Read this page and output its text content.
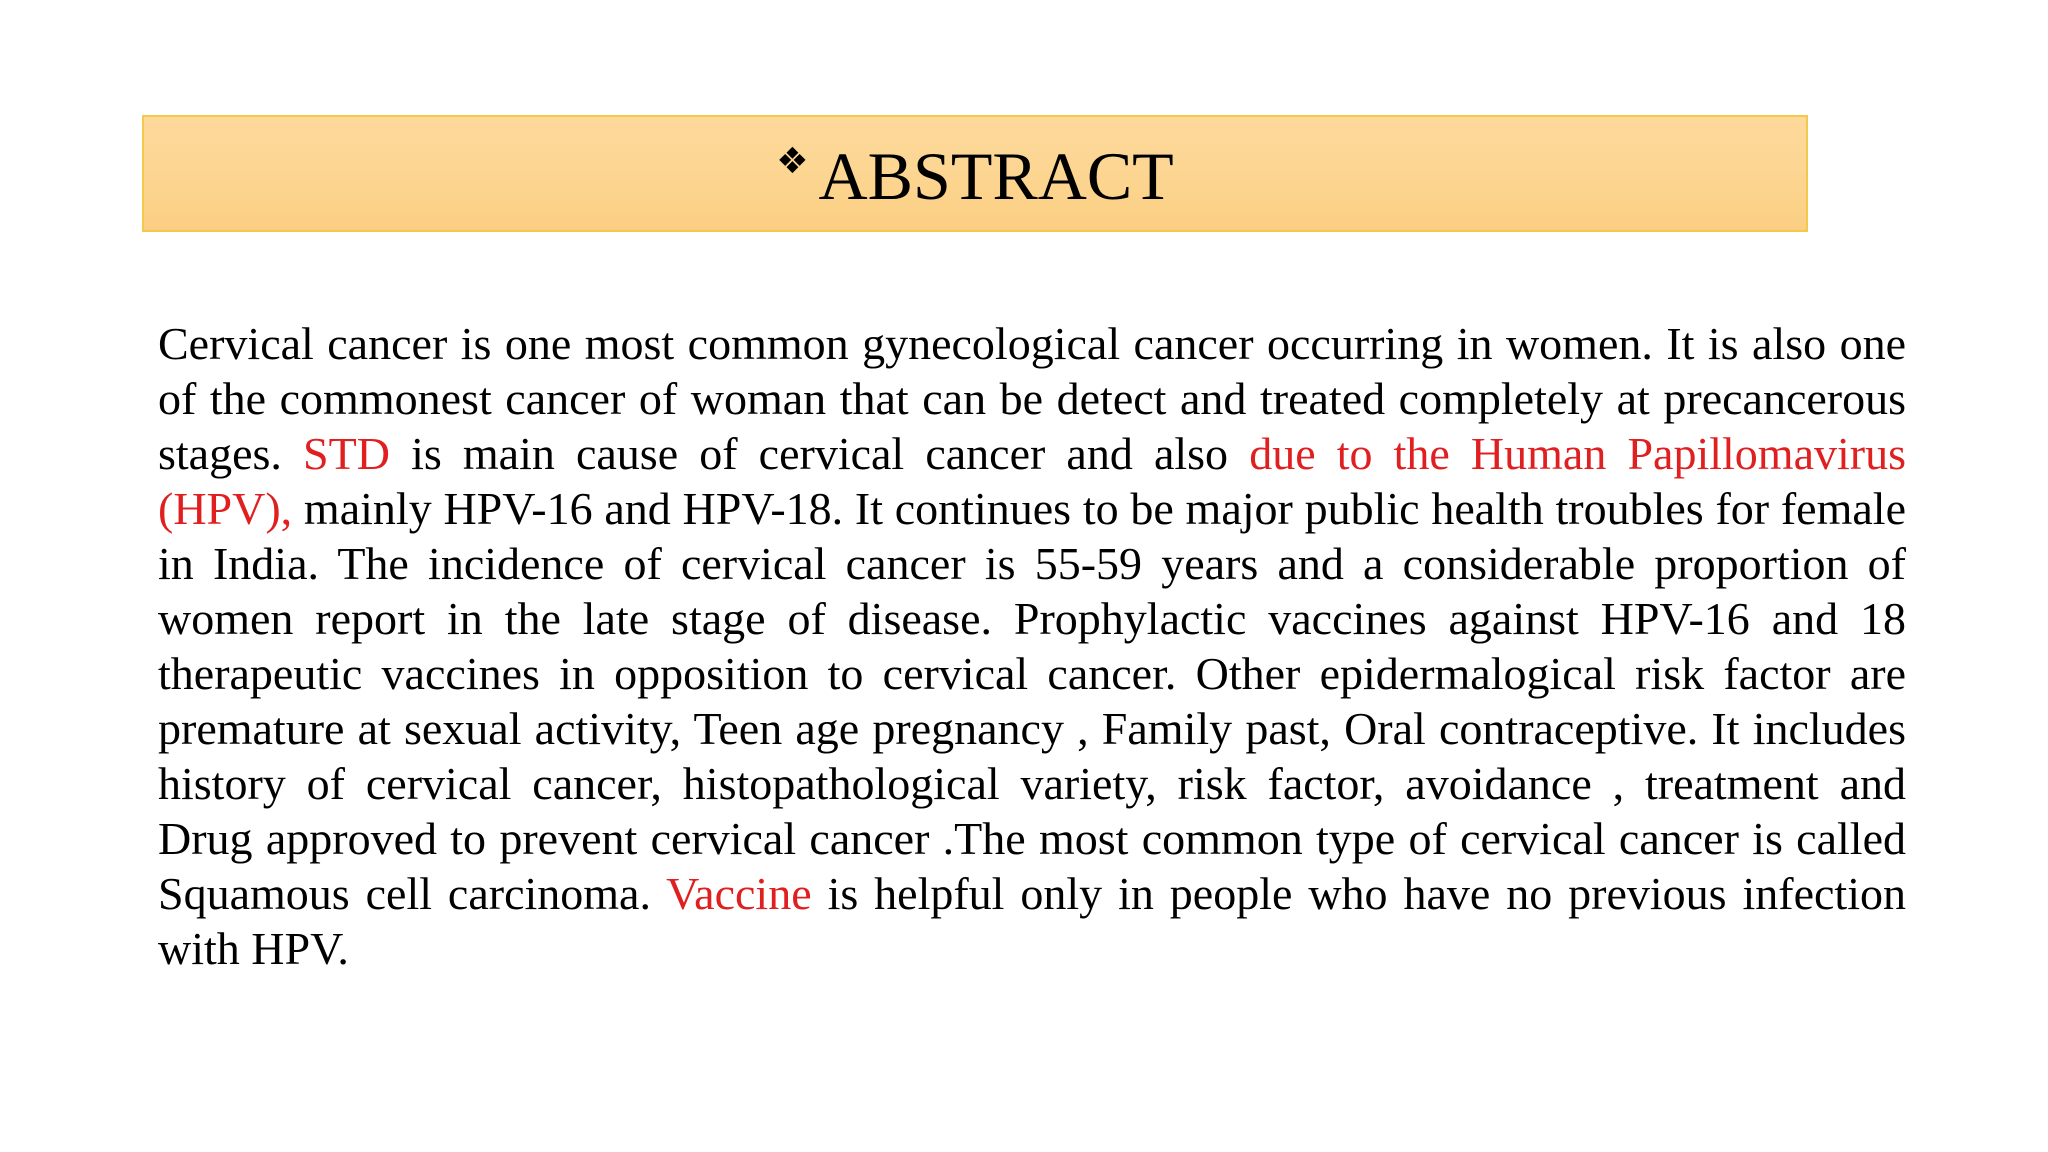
❖ ABSTRACT

Cervical cancer is one most common gynecological cancer occurring in women. It is also one of the commonest cancer of woman that can be detect and treated completely at precancerous stages. STD is main cause of cervical cancer and also due to the Human Papillomavirus (HPV), mainly HPV-16 and HPV-18. It continues to be major public health troubles for female in India. The incidence of cervical cancer is 55-59 years and a considerable proportion of women report in the late stage of disease. Prophylactic vaccines against HPV-16 and 18 therapeutic vaccines in opposition to cervical cancer. Other epidermalogical risk factor are premature at sexual activity, Teen age pregnancy , Family past, Oral contraceptive. It includes history of cervical cancer, histopathological variety, risk factor, avoidance , treatment and Drug approved to prevent cervical cancer .The most common type of cervical cancer is called Squamous cell carcinoma. Vaccine is helpful only in people who have no previous infection with HPV.
